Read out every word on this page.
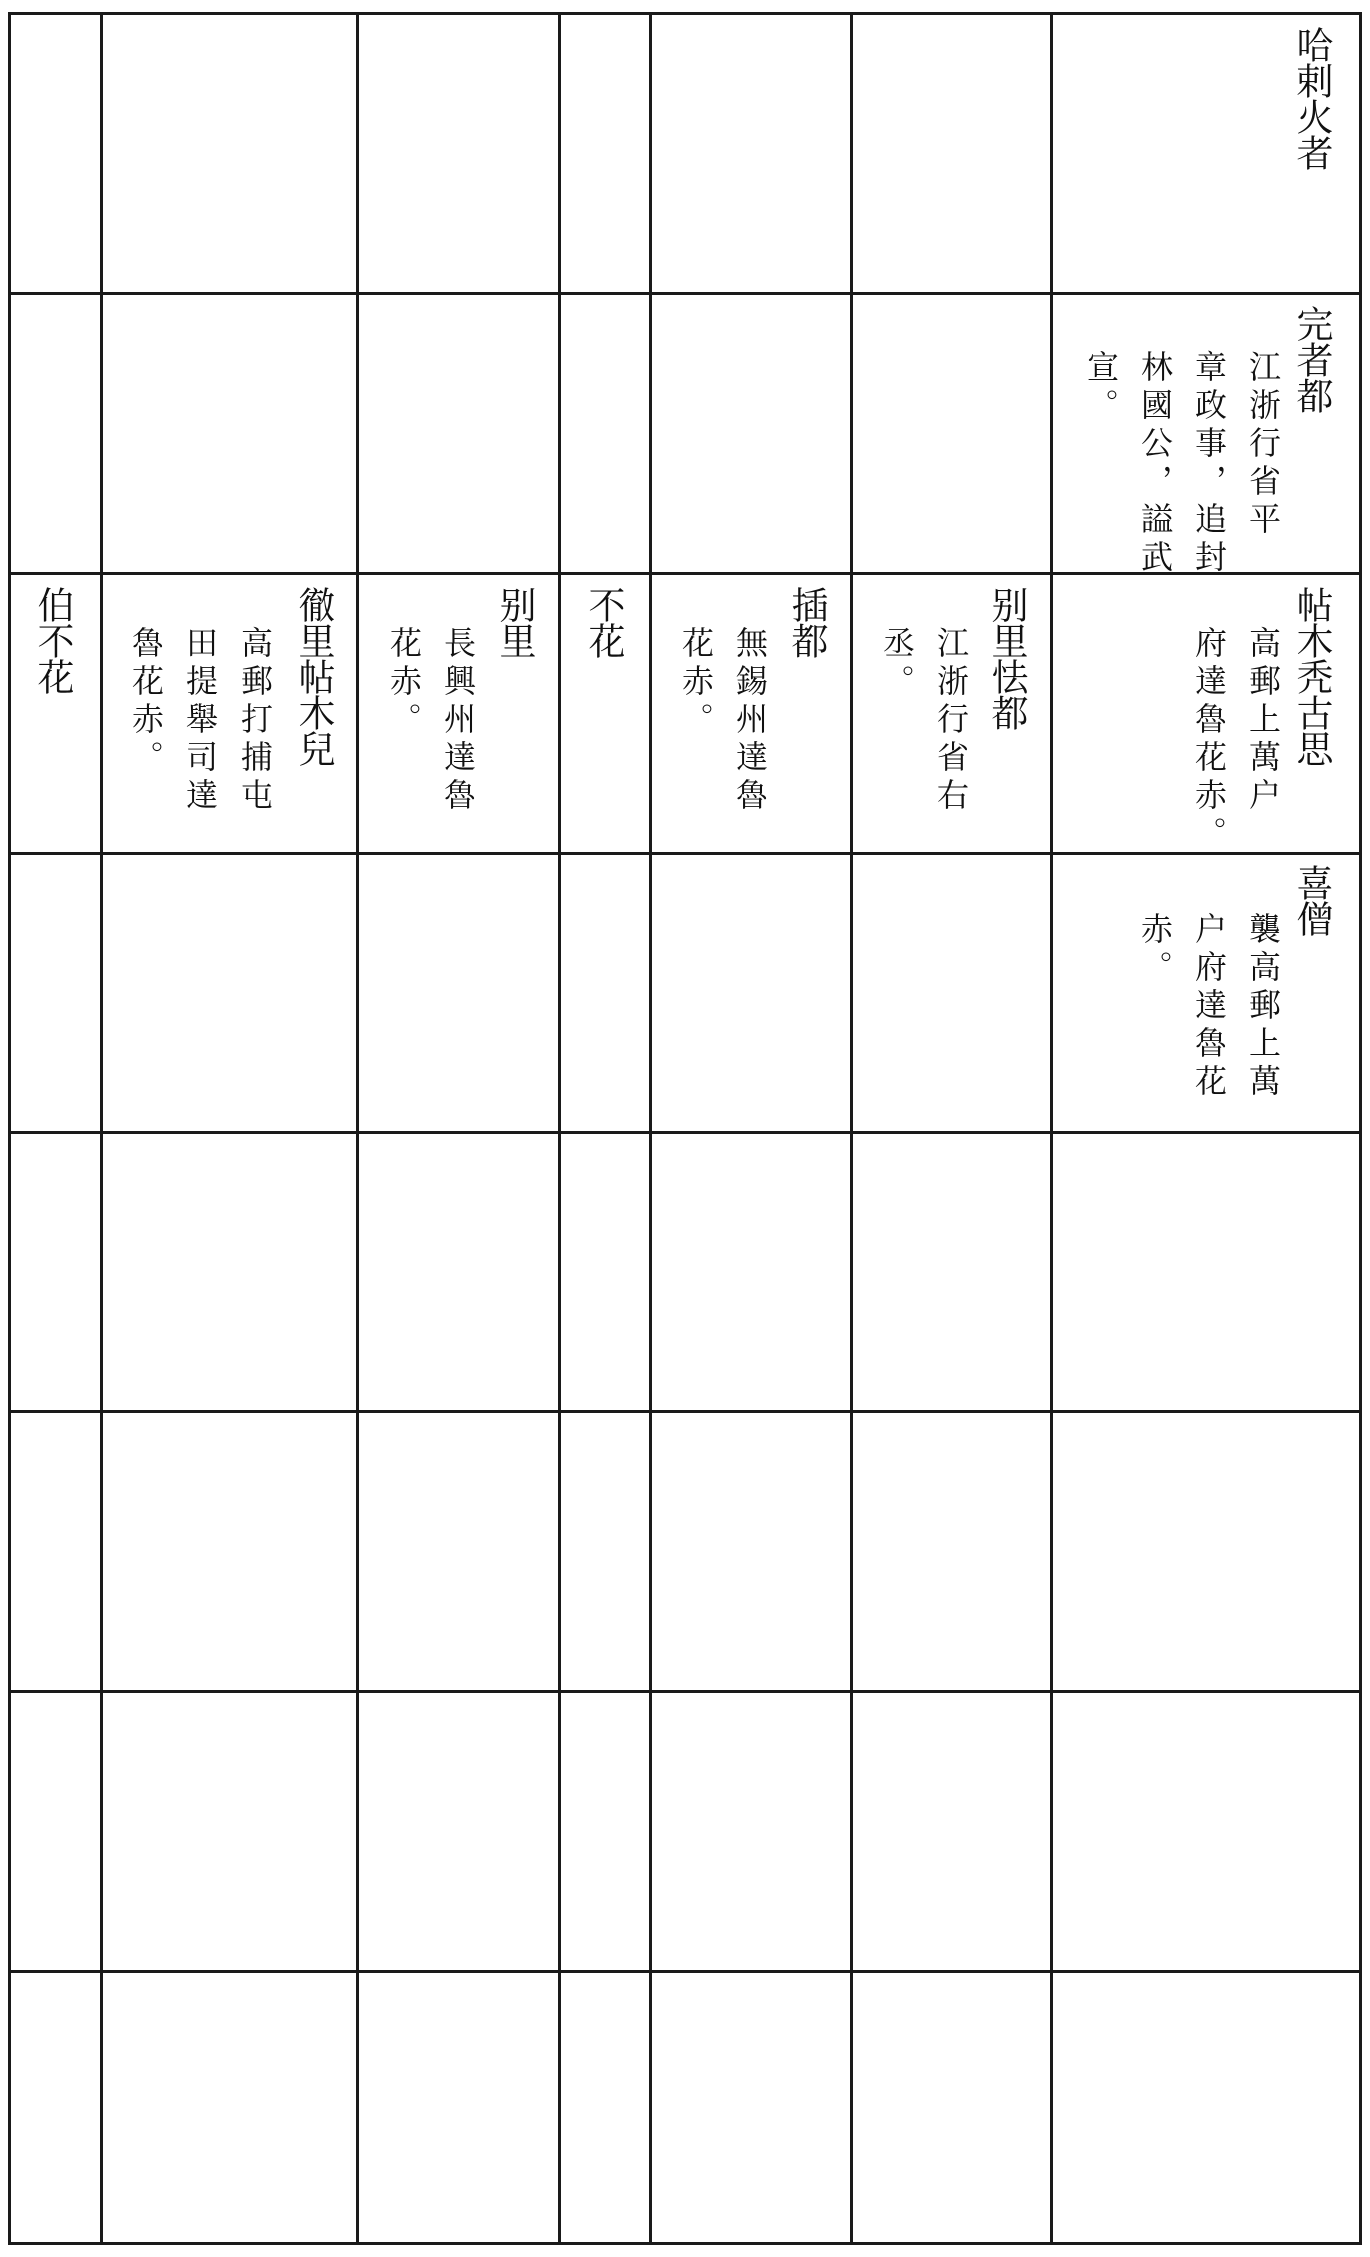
哈剌火者
完者都
江浙行省平
章政事，追封
林國公，謚武
宣。
帖木秃古思
高郵上萬户
府達魯花赤。
别里怯都
江浙行省右
丞。
插都
無錫州達魯
花赤。
不花
别里
長興州達魯
花赤。
徹里帖木兒
高郵打捕屯
田提舉司達
魯花赤。
伯不花
喜僧
襲高郵上萬
户府達魯花
赤。
